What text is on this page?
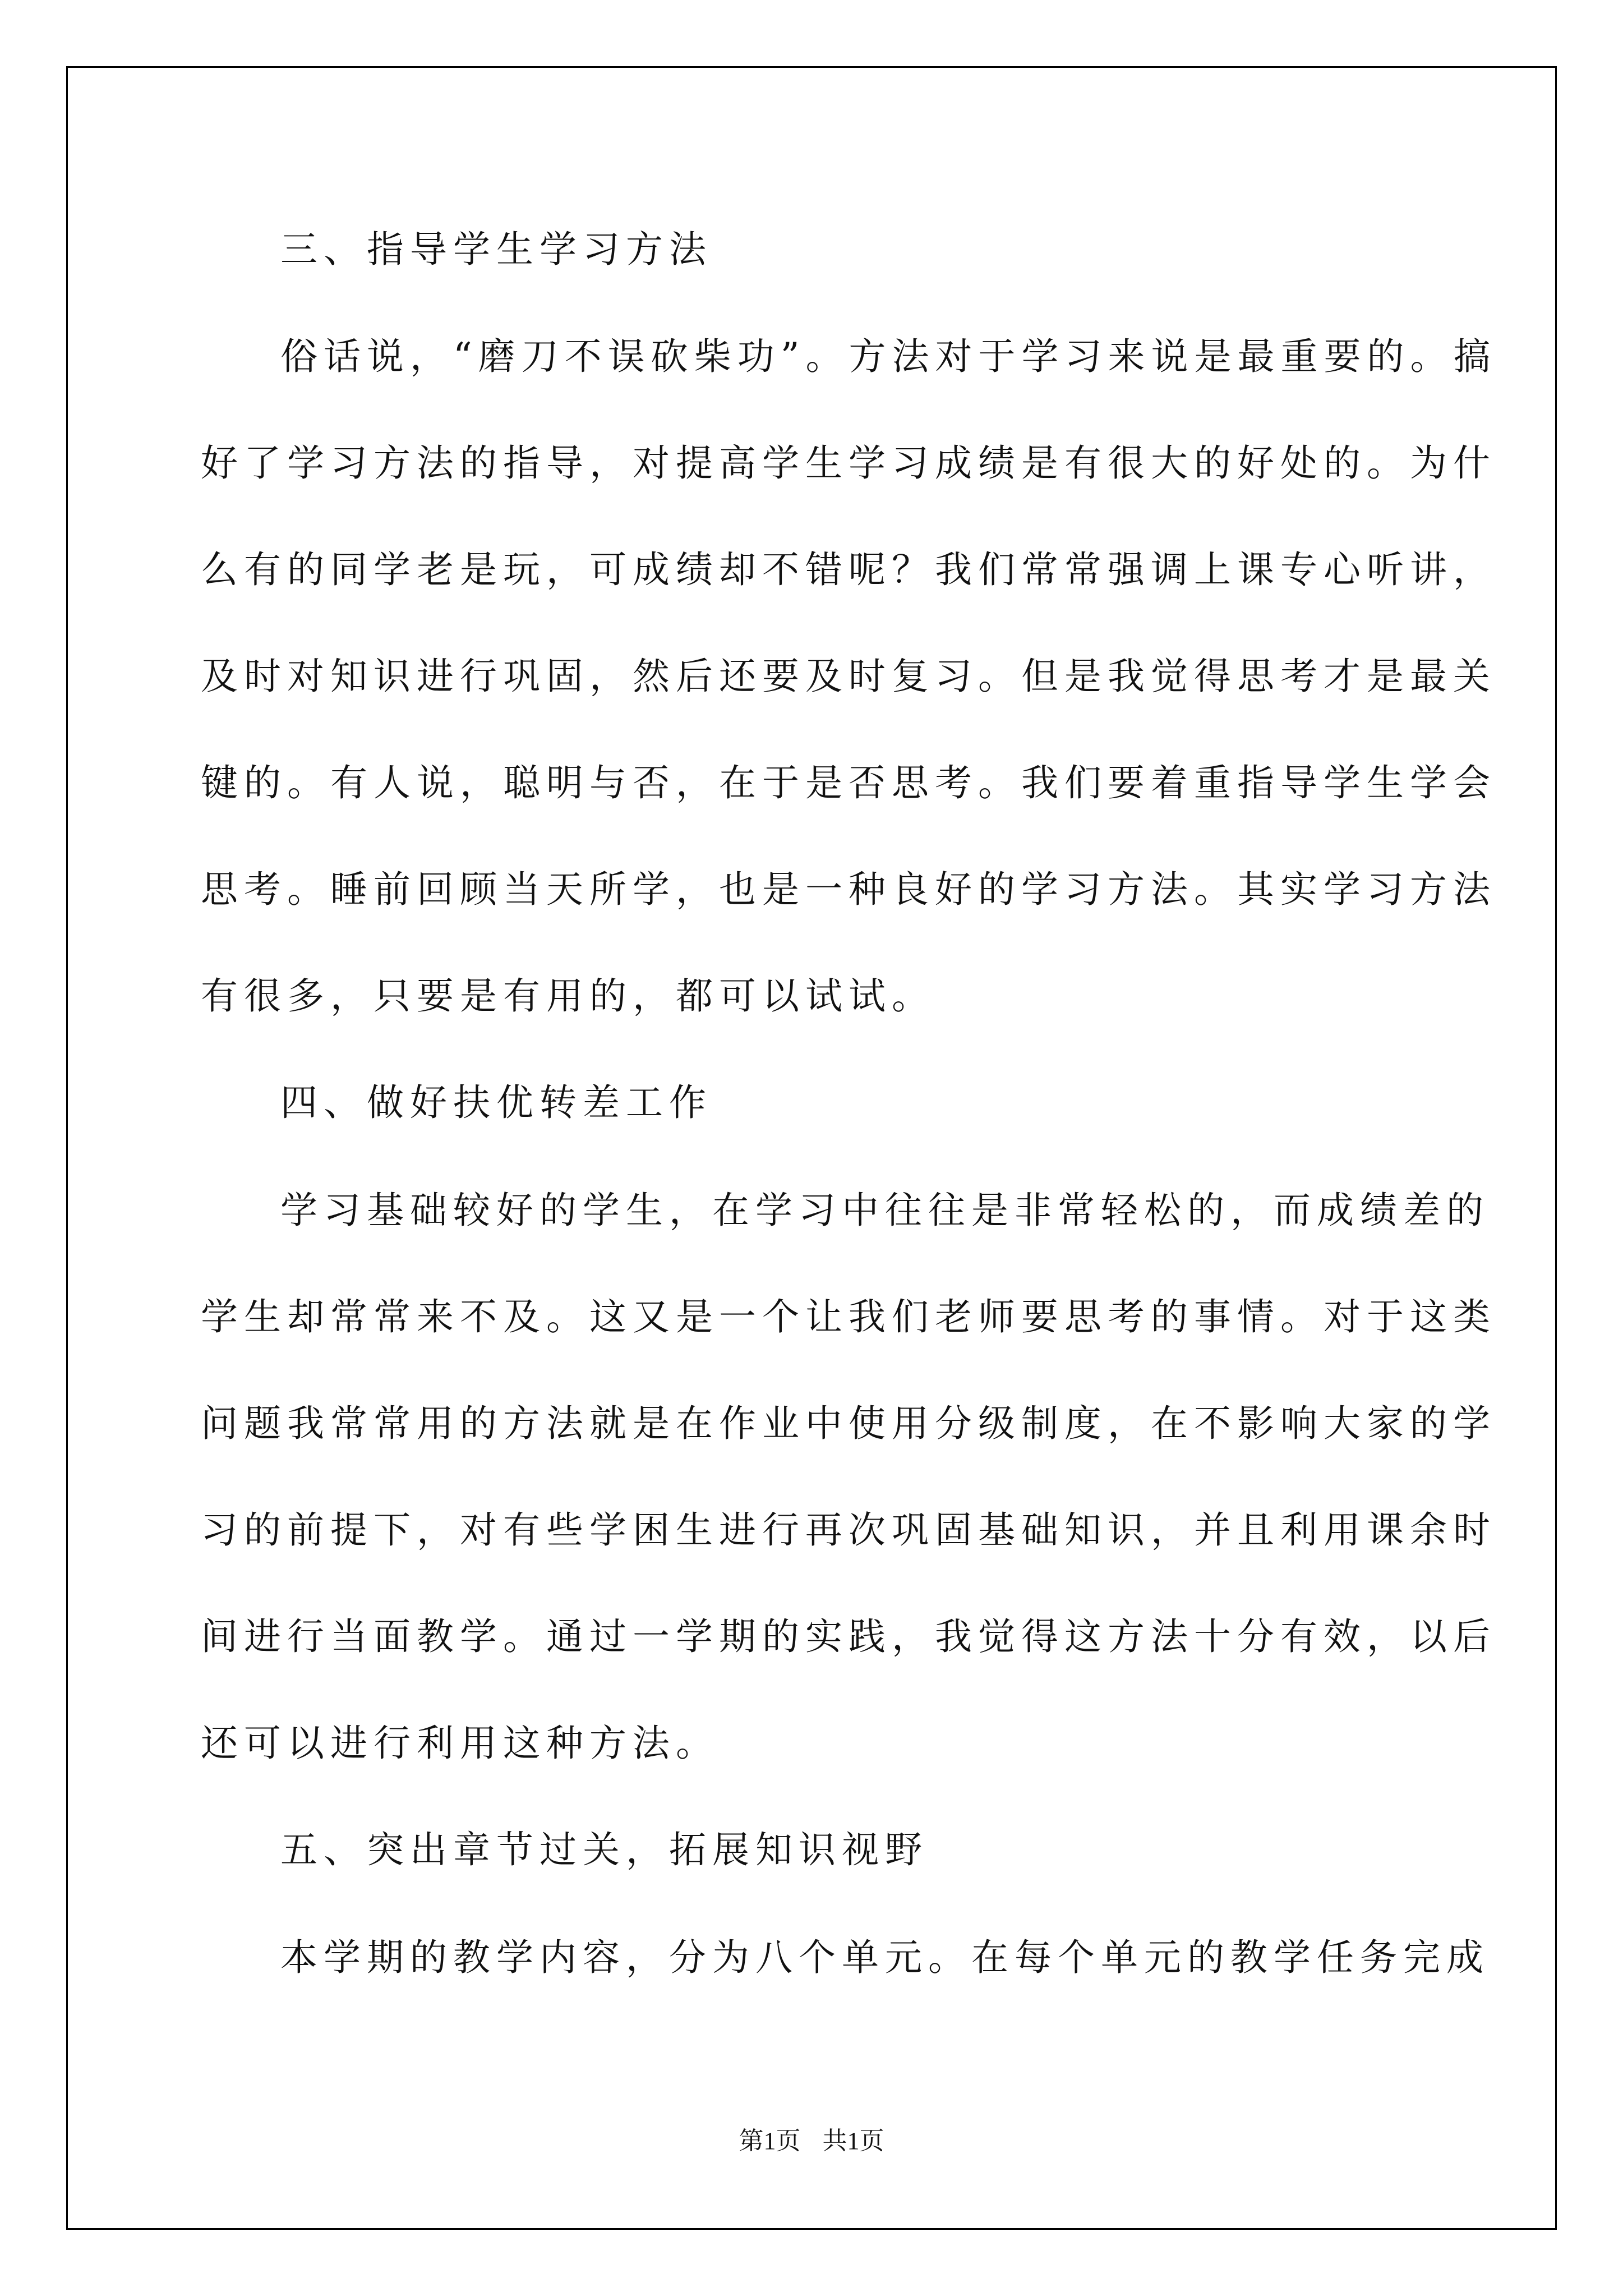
三、指导学生学习方法
俗话说，“磨刀不误砍柴功”。方法对于学习来说是最重要的。搞
好了学习方法的指导，对提高学生学习成绩是有很大的好处的。为什
么有的同学老是玩，可成绩却不错呢？我们常常强调上课专心听讲，
及时对知识进行巩固，然后还要及时复习。但是我觉得思考才是最关
键的。有人说，聪明与否，在于是否思考。我们要着重指导学生学会
思考。睡前回顾当天所学，也是一种良好的学习方法。其实学习方法
有很多，只要是有用的，都可以试试。
四、做好扶优转差工作
学习基础较好的学生，在学习中往往是非常轻松的，而成绩差的
学生却常常来不及。这又是一个让我们老师要思考的事情。对于这类
问题我常常用的方法就是在作业中使用分级制度，在不影响大家的学
习的前提下，对有些学困生进行再次巩固基础知识，并且利用课余时
间进行当面教学。通过一学期的实践，我觉得这方法十分有效，以后
还可以进行利用这种方法。
五、突出章节过关，拓展知识视野
本学期的教学内容，分为八个单元。在每个单元的教学任务完成
第1页 共1页
